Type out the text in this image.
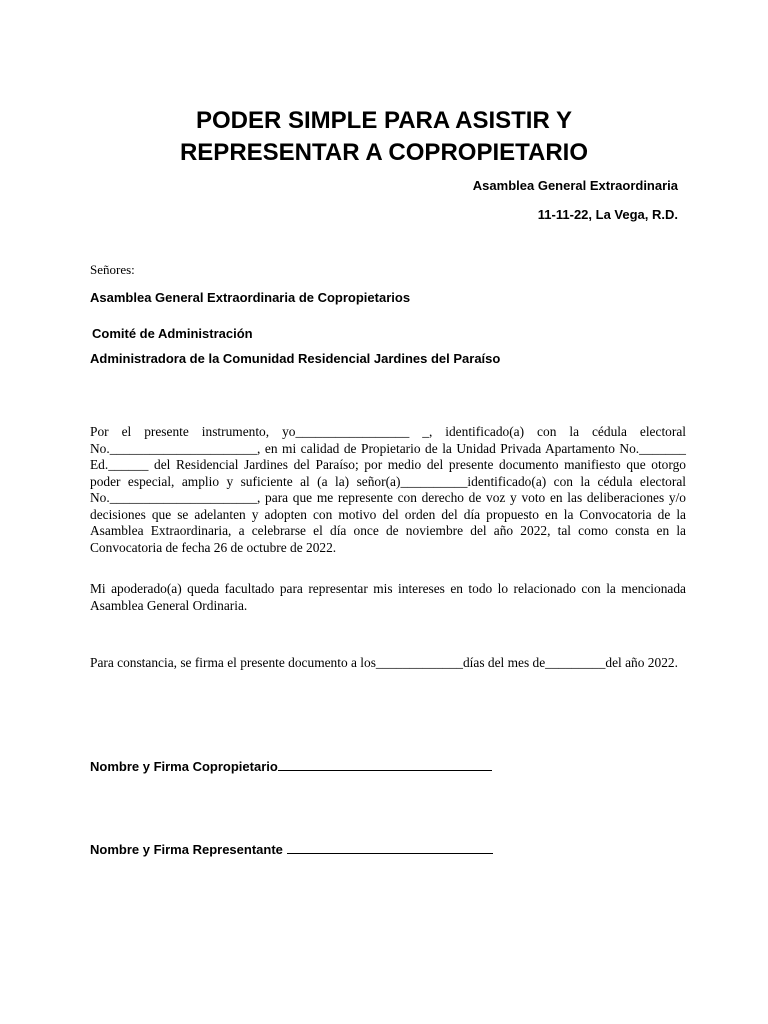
PODER SIMPLE PARA ASISTIR Y
REPRESENTAR A COPROPIETARIO
Asamblea General Extraordinaria
11-11-22, La Vega, R.D.
Señores:
Asamblea General Extraordinaria de Copropietarios
Comité de Administración
Administradora de la Comunidad Residencial Jardines del Paraíso

Por el presente instrumento, yo_________________ _, identificado(a) con la cédula electoral No.______________________, en mi calidad de Propietario de la Unidad Privada Apartamento No._______ Ed.______ del Residencial Jardines del Paraíso; por medio del presente documento manifiesto que otorgo poder especial, amplio y suficiente al (a la) señor(a)__________identificado(a) con la cédula electoral No.______________________, para que me represente con derecho de voz y voto en las deliberaciones y/o decisiones que se adelanten y adopten con motivo del orden del día propuesto en la Convocatoria de la Asamblea Extraordinaria, a celebrarse el día once de noviembre del año 2022, tal como consta en la Convocatoria de fecha 26 de octubre de 2022.

Mi apoderado(a) queda facultado para representar mis intereses en todo lo relacionado con la mencionada Asamblea General Ordinaria.

Para constancia, se firma el presente documento a los_____________días del mes de_________del año 2022.

Nombre y Firma Copropietario
Nombre y Firma Representante
